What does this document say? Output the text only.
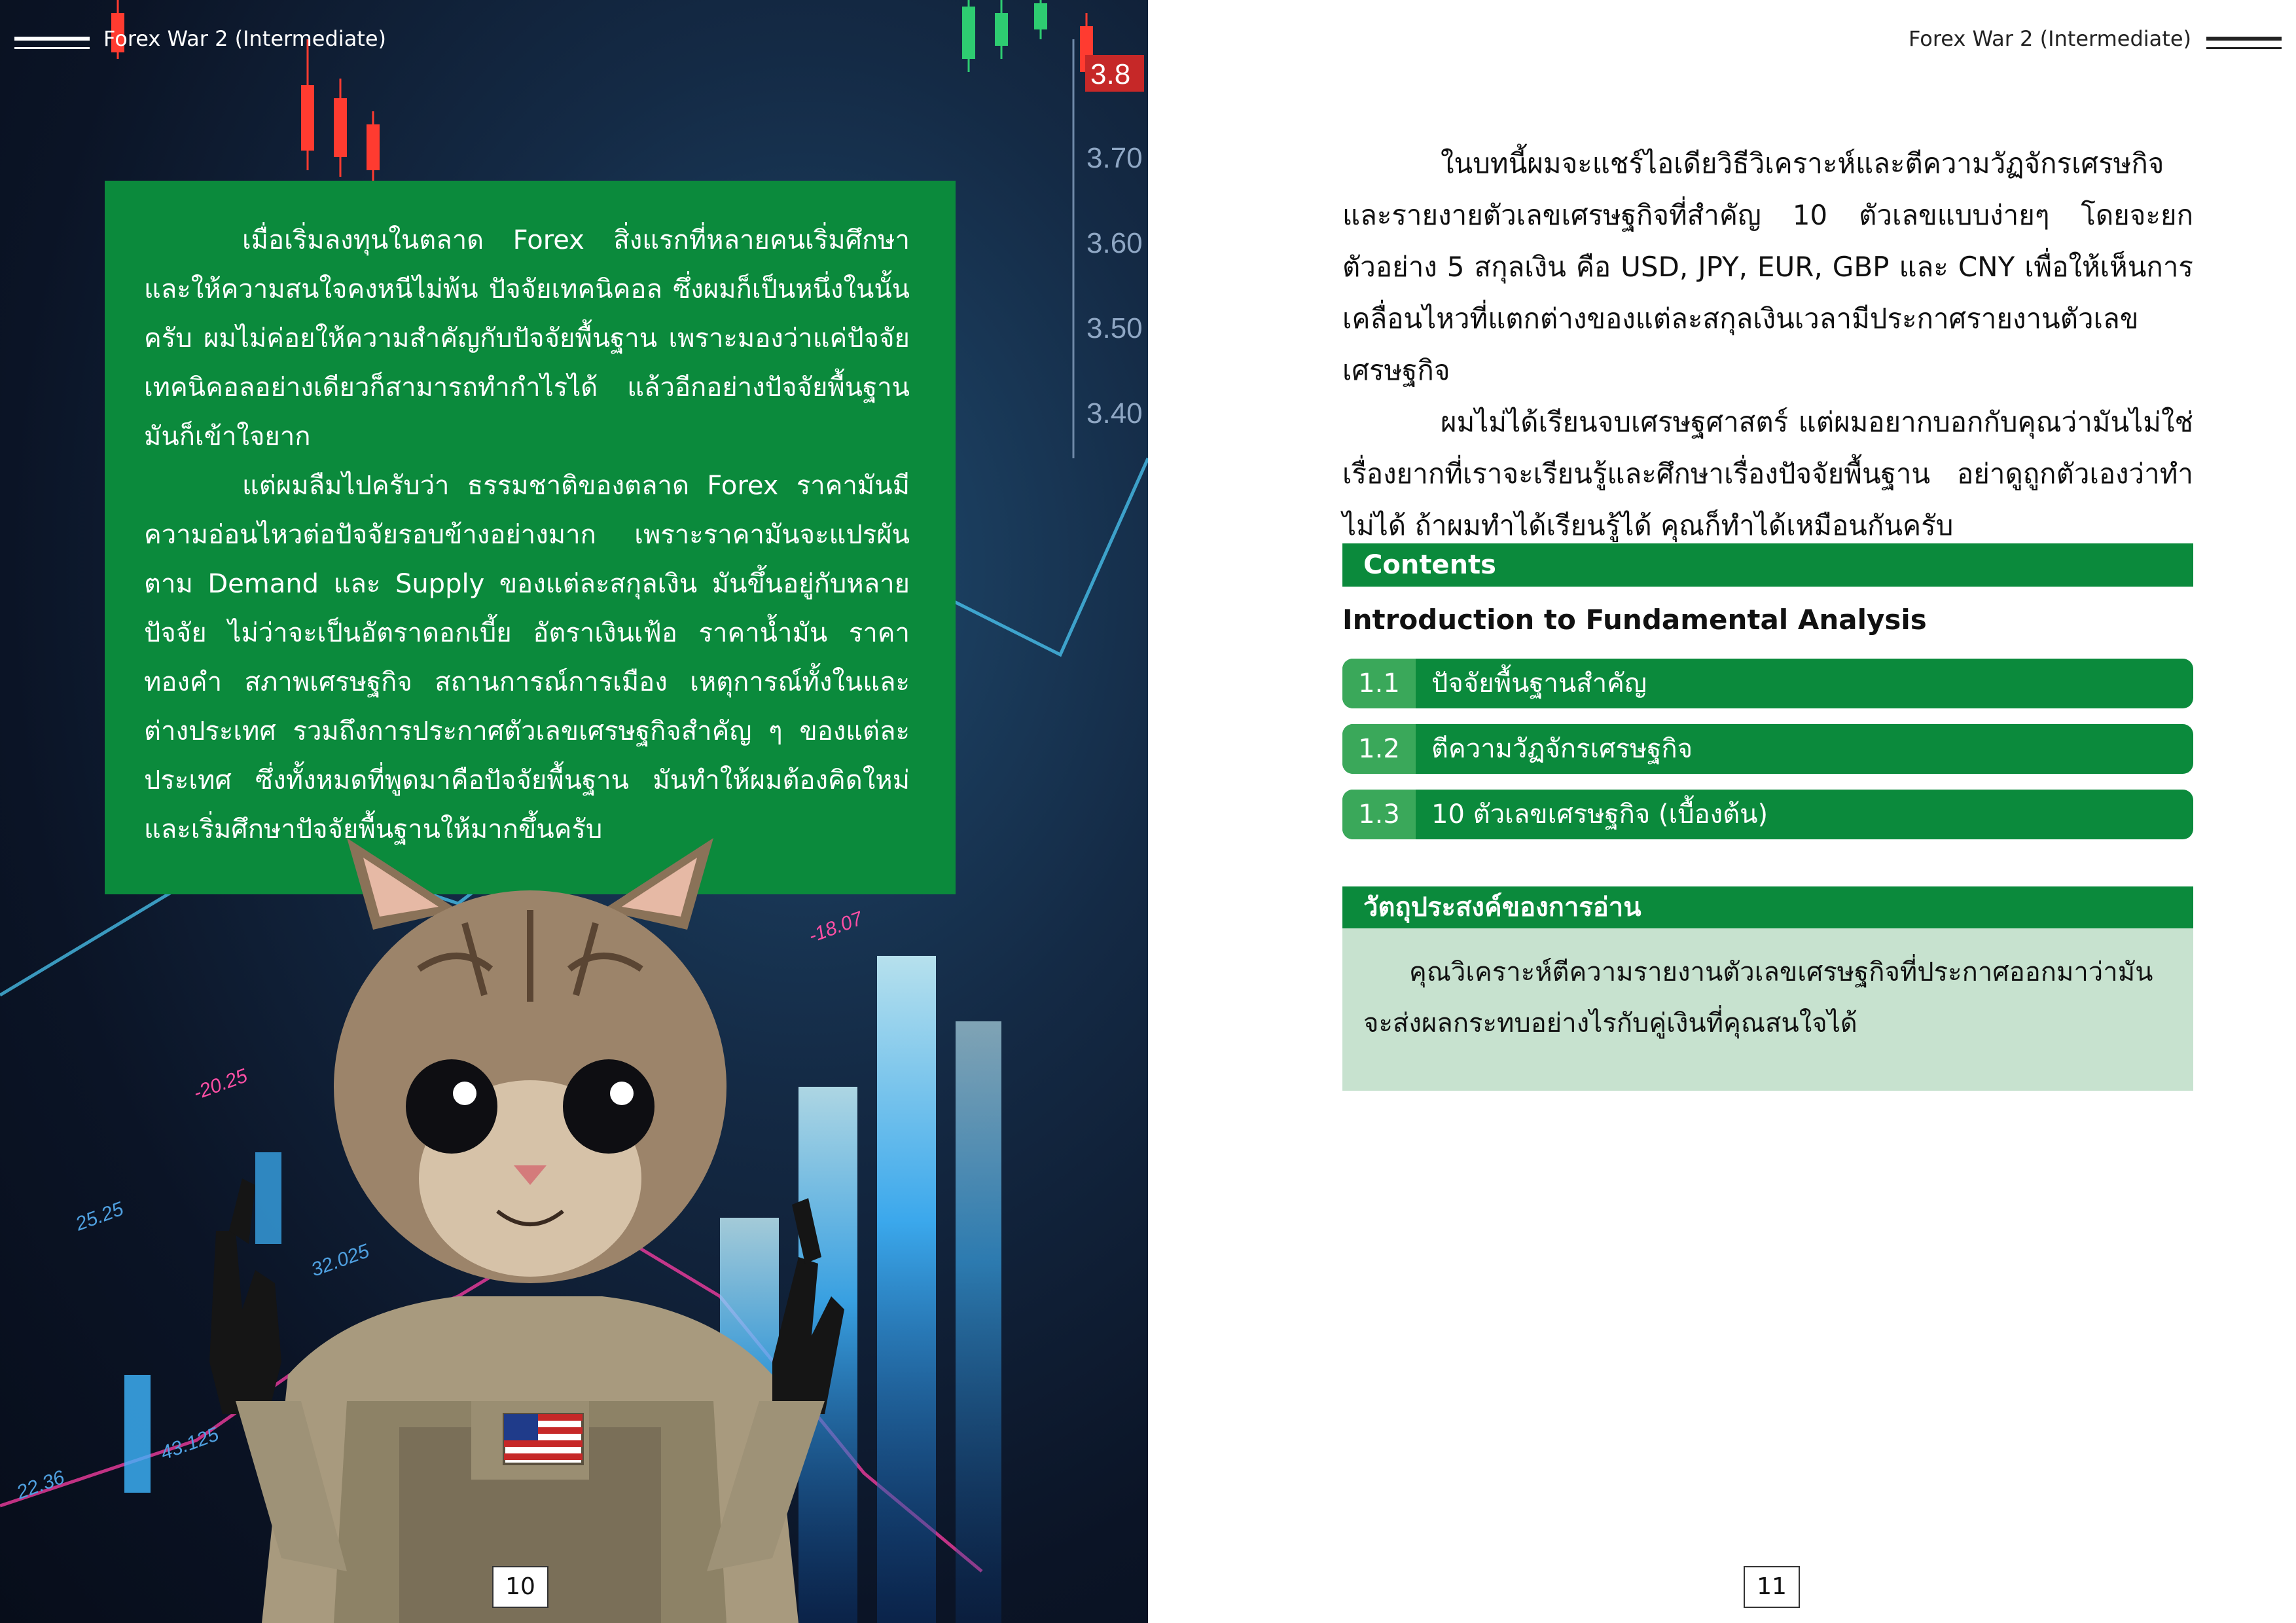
3.8
3.70
3.60
3.50
3.40
-18.07
-20.25
25.25
32.025
43.125
22.36
Forex War 2 (Intermediate)

เมื่อเริ่มลงทุนในตลาด Forex สิ่งแรกที่หลายคนเริ่มศึกษาและให้ความสนใจคงหนีไม่พ้น ปัจจัยเทคนิคอล ซึ่งผมก็เป็นหนึ่งในนั้นครับ ผมไม่ค่อยให้ความสำคัญกับปัจจัยพื้นฐาน เพราะมองว่าแค่ปัจจัยเทคนิคอลอย่างเดียวก็สามารถทำกำไรได้ แล้วอีกอย่างปัจจัยพื้นฐานมันก็เข้าใจยาก

แต่ผมลืมไปครับว่า ธรรมชาติของตลาด Forex ราคามันมีความอ่อนไหวต่อปัจจัยรอบข้างอย่างมาก เพราะราคามันจะแปรผันตาม Demand และ Supply ของแต่ละสกุลเงิน มันขึ้นอยู่กับหลายปัจจัย ไม่ว่าจะเป็นอัตราดอกเบี้ย อัตราเงินเฟ้อ ราคาน้ำมัน ราคาทองคำ สภาพเศรษฐกิจ สถานการณ์การเมือง เหตุการณ์ทั้งในและต่างประเทศ รวมถึงการประกาศตัวเลขเศรษฐกิจสำคัญ ๆ ของแต่ละประเทศ ซึ่งทั้งหมดที่พูดมาคือปัจจัยพื้นฐาน มันทำให้ผมต้องคิดใหม่และเริ่มศึกษาปัจจัยพื้นฐานให้มากขึ้นครับ

10
Forex War 2 (Intermediate)

ในบทนี้ผมจะแชร์ไอเดียวิธีวิเคราะห์และตีความวัฏจักรเศรษกิจ และรายงายตัวเลขเศรษฐกิจที่สำคัญ 10 ตัวเลขแบบง่ายๆ โดยจะยกตัวอย่าง 5 สกุลเงิน คือ USD, JPY, EUR, GBP และ CNY เพื่อให้เห็นการเคลื่อนไหวที่แตกต่างของแต่ละสกุลเงินเวลามีประกาศรายงานตัวเลขเศรษฐกิจ

ผมไม่ได้เรียนจบเศรษฐศาสตร์ แต่ผมอยากบอกกับคุณว่ามันไม่ใช่เรื่องยากที่เราจะเรียนรู้และศึกษาเรื่องปัจจัยพื้นฐาน อย่าดูถูกตัวเองว่าทำไม่ได้ ถ้าผมทำได้เรียนรู้ได้ คุณก็ทำได้เหมือนกันครับ

Contents
Introduction to Fundamental Analysis
1.1	ปัจจัยพื้นฐานสำคัญ
1.2	ตีความวัฏจักรเศรษฐกิจ
1.3	10 ตัวเลขเศรษฐกิจ (เบื้องต้น)
วัตถุประสงค์ของการอ่าน

คุณวิเคราะห์ตีความรายงานตัวเลขเศรษฐกิจที่ประกาศออกมาว่ามันจะส่งผลกระทบอย่างไรกับคู่เงินที่คุณสนใจได้

11
